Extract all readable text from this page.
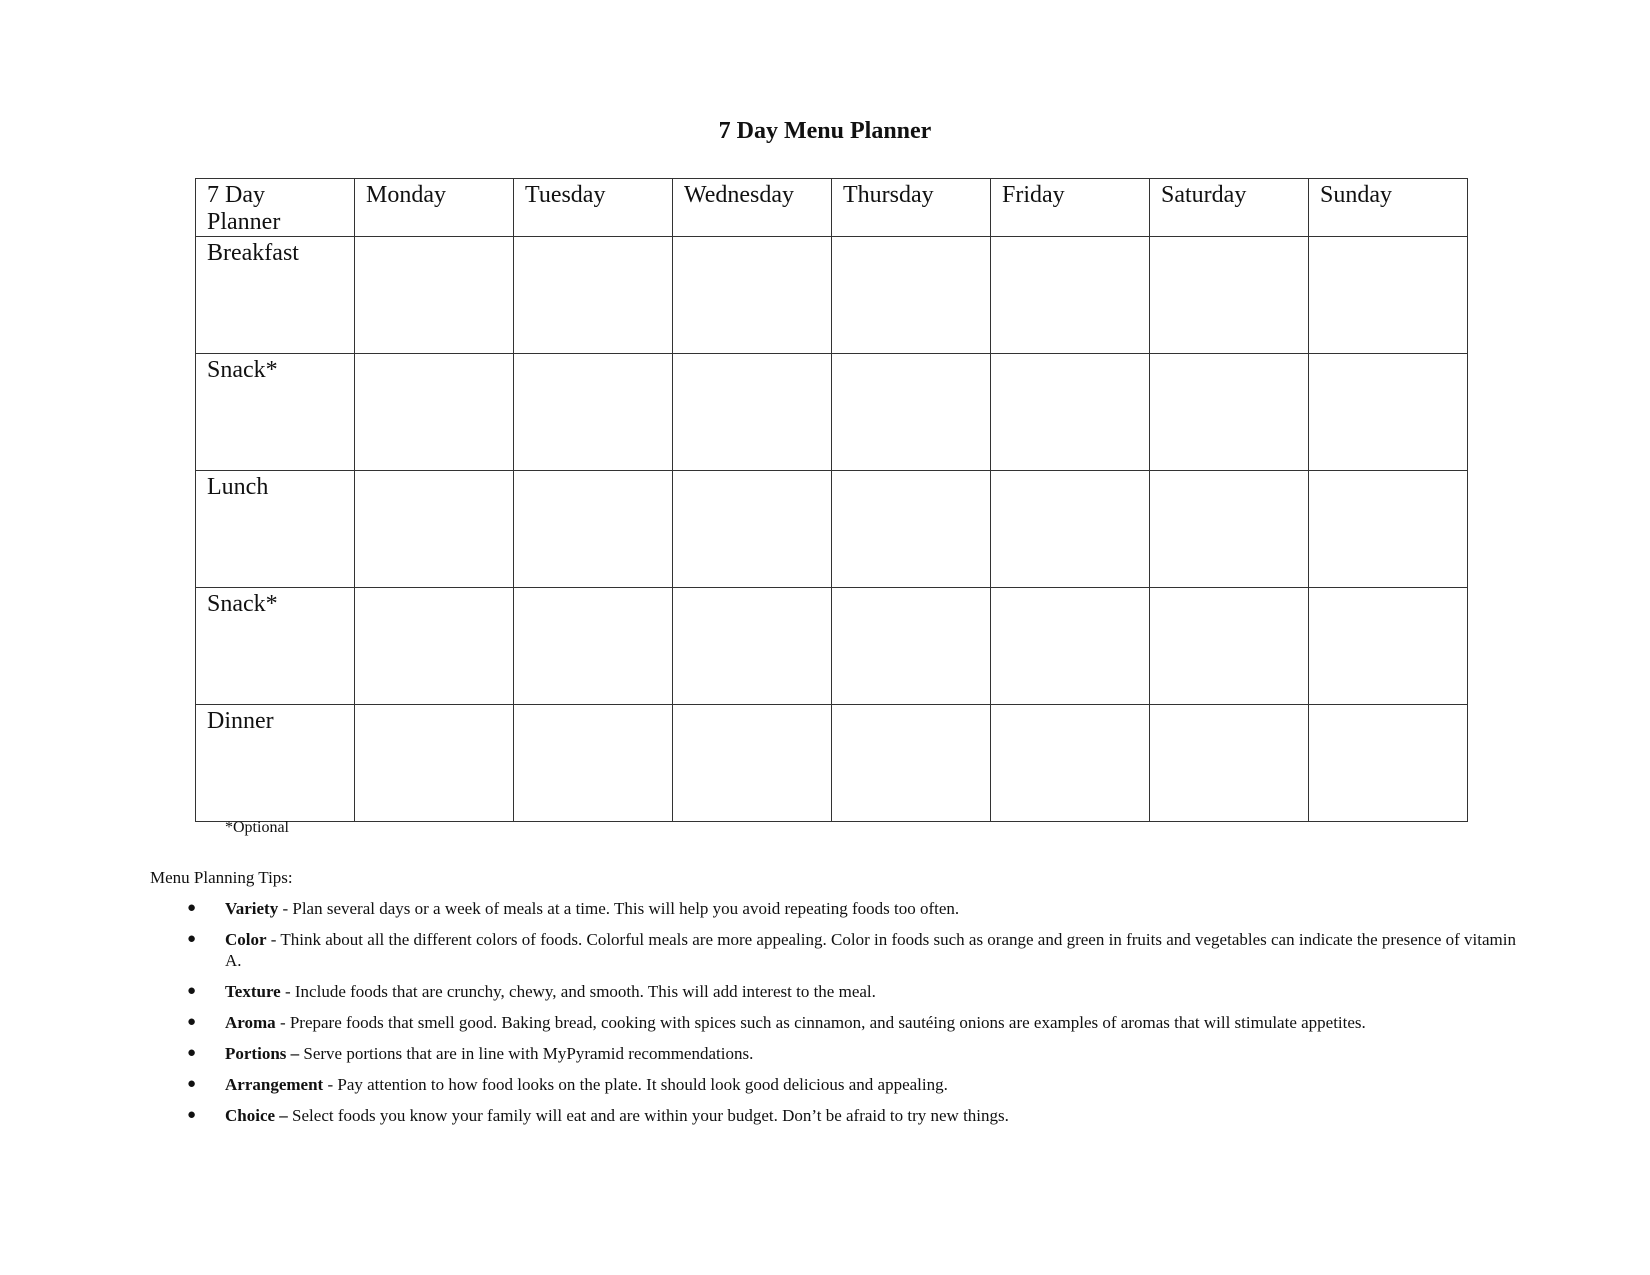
7 Day Menu Planner
7 Day Planner	Monday	Tuesday	Wednesday	Thursday	Friday	Saturday	Sunday
Breakfast							
Snack*							
Lunch							
Snack*							
Dinner							
*Optional
Menu Planning Tips:
● Variety - Plan several days or a week of meals at a time. This will help you avoid repeating foods too often.
● Color - Think about all the different colors of foods. Colorful meals are more appealing. Color in foods such as orange and green in fruits and vegetables can indicate the presence of vitamin A.
● Texture - Include foods that are crunchy, chewy, and smooth. This will add interest to the meal.
● Aroma - Prepare foods that smell good. Baking bread, cooking with spices such as cinnamon, and sautéing onions are examples of aromas that will stimulate appetites.
● Portions – Serve portions that are in line with MyPyramid recommendations.
● Arrangement - Pay attention to how food looks on the plate. It should look good delicious and appealing.
● Choice – Select foods you know your family will eat and are within your budget. Don’t be afraid to try new things.
